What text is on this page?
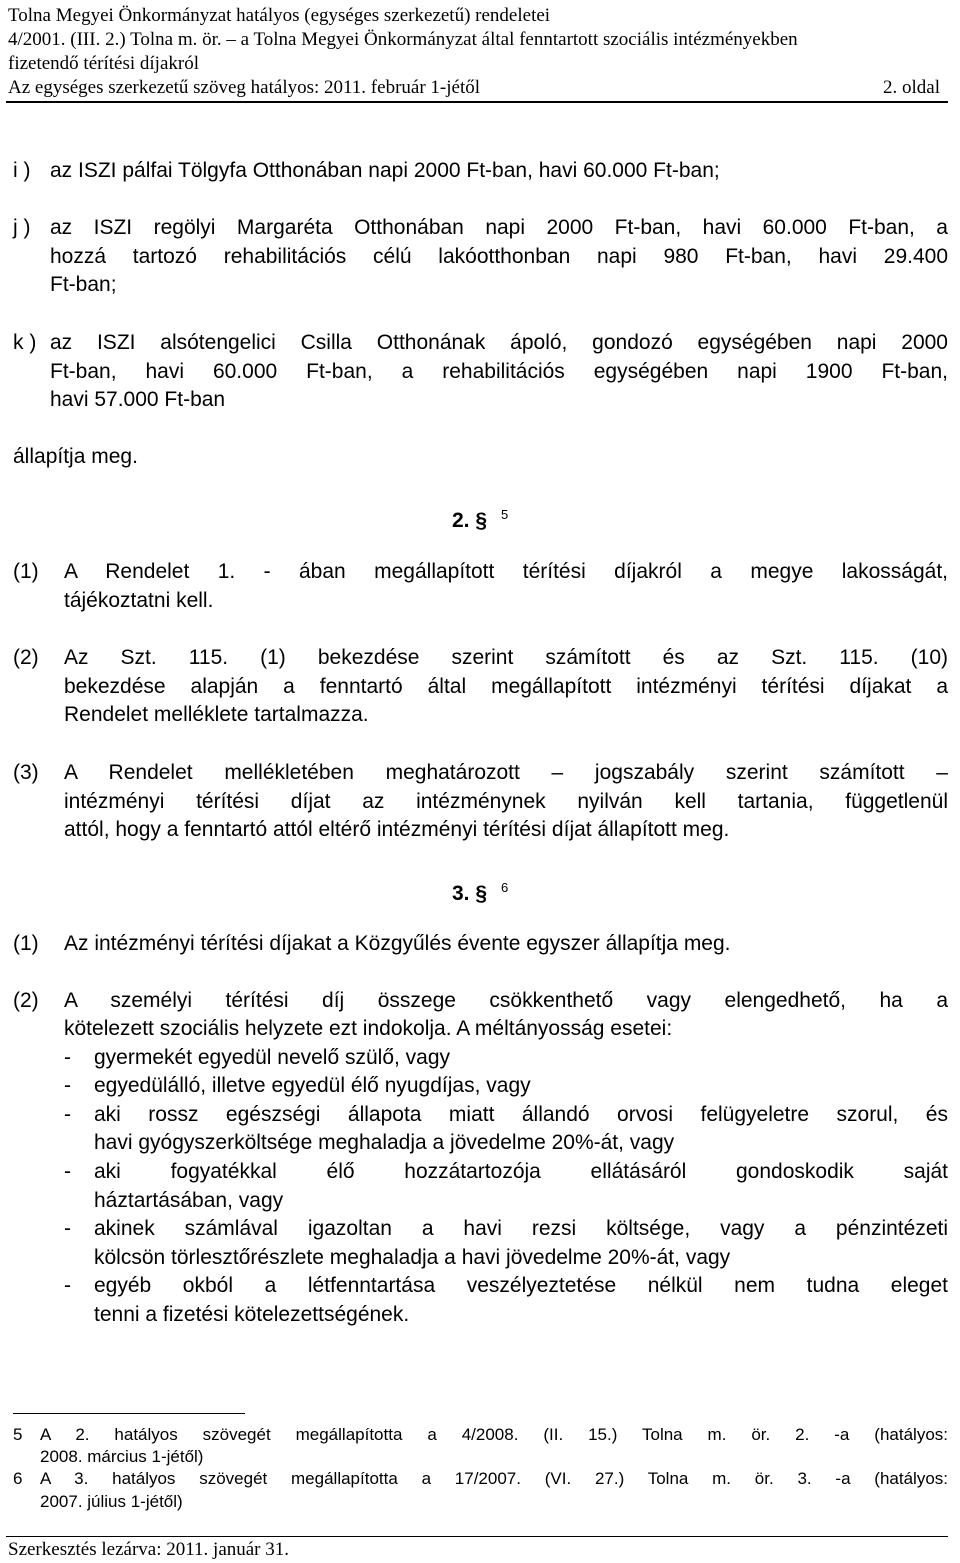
Tolna Megyei Önkormányzat hatályos (egységes szerkezetű) rendeletei
4/2001. (III. 2.) Tolna m. ör. – a Tolna Megyei Önkormányzat által fenntartott szociális intézményekben
fizetendő térítési díjakról
Az egységes szerkezetű szöveg hatályos: 2011. február 1-jétől	2. oldal
i ) az ISZI pálfai Tölgyfa Otthonában napi 2000 Ft-ban, havi 60.000 Ft-ban;
j ) az ISZI regölyi Margaréta Otthonában napi 2000 Ft-ban, havi 60.000 Ft-ban, a
hozzá tartozó rehabilitációs célú lakóotthonban napi 980 Ft-ban, havi 29.400
Ft-ban;
k ) az ISZI alsótengelici Csilla Otthonának ápoló, gondozó egységében napi 2000
Ft-ban, havi 60.000 Ft-ban, a rehabilitációs egységében napi 1900 Ft-ban,
havi 57.000 Ft-ban
állapítja meg.
2. § $^5$
(1) A Rendelet 1. - ában megállapított térítési díjakról a megye lakosságát,
tájékoztatni kell.
(2) Az Szt. 115. (1) bekezdése szerint számított és az Szt. 115. (10)
bekezdése alapján a fenntartó által megállapított intézményi térítési díjakat a
Rendelet melléklete tartalmazza.
(3) A Rendelet mellékletében meghatározott – jogszabály szerint számított –
intézményi térítési díjat az intézménynek nyilván kell tartania, függetlenül
attól, hogy a fenntartó attól eltérő intézményi térítési díjat állapított meg.
3. § $^6$
(1) Az intézményi térítési díjakat a Közgyűlés évente egyszer állapítja meg.
(2) A személyi térítési díj összege csökkenthető vagy elengedhető, ha a
kötelezett szociális helyzete ezt indokolja. A méltányosság esetei:
- gyermekét egyedül nevelő szülő, vagy
- egyedülálló, illetve egyedül élő nyugdíjas, vagy
- aki rossz egészségi állapota miatt állandó orvosi felügyeletre szorul, és
havi gyógyszerköltsége meghaladja a jövedelme 20%-át, vagy
- aki fogyatékkal élő hozzátartozója ellátásáról gondoskodik saját
háztartásában, vagy
- akinek számlával igazoltan a havi rezsi költsége, vagy a pénzintézeti
kölcsön törlesztőrészlete meghaladja a havi jövedelme 20%-át, vagy
- egyéb okból a létfenntartása veszélyeztetése nélkül nem tudna eleget
tenni a fizetési kötelezettségének.
5 A 2. hatályos szövegét megállapította a 4/2008. (II. 15.) Tolna m. ör. 2. -a (hatályos:
2008. március 1-jétől)
6 A 3. hatályos szövegét megállapította a 17/2007. (VI. 27.) Tolna m. ör. 3. -a (hatályos:
2007. július 1-jétől)
Szerkesztés lezárva: 2011. január 31.
